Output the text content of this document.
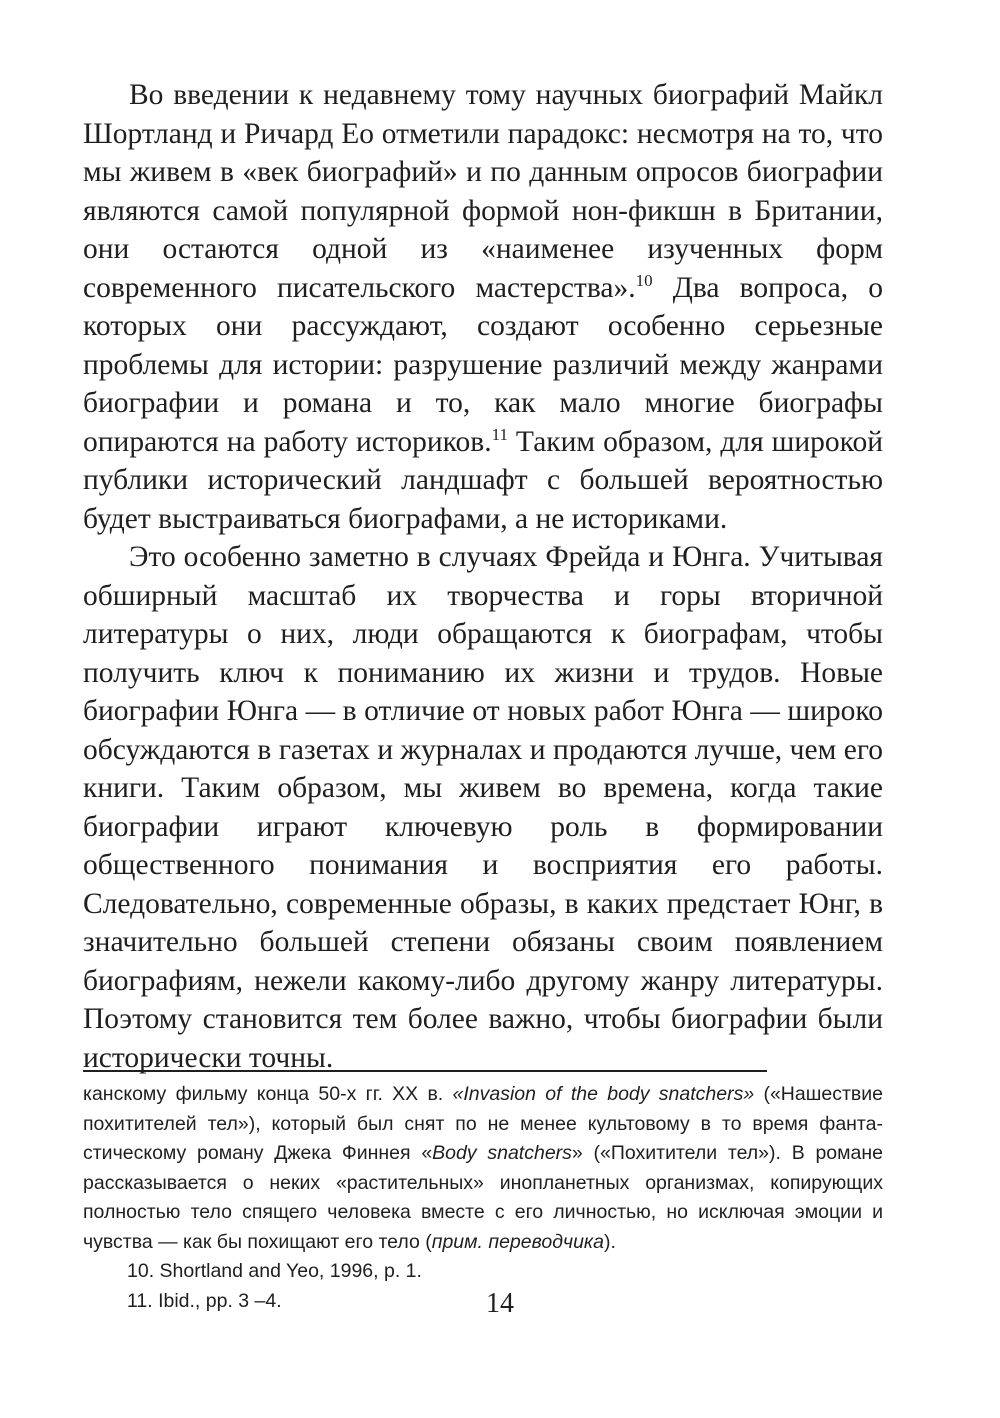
Во введении к недавнему тому научных биографий Майкл Шортланд и Ричард Ео отметили парадокс: несмотря на то, что мы живем в «век биографий» и по данным опросов биографии являются самой популярной формой нон-фикшн в Британии, они остаются одной из «наименее изученных форм современного писательского мастерства».$^{10}$ Два вопроса, о которых они рассуждают, создают особенно серьезные проблемы для истории: разрушение различий между жанрами биографии и романа и то, как мало многие биографы опираются на работу историков.$^{11}$ Таким образом, для широкой публики исторический ландшафт с большей вероятностью будет выстраиваться биографами, а не историками.

Это особенно заметно в случаях Фрейда и Юнга. Учитывая обширный масштаб их творчества и горы вторичной литературы о них, люди обращаются к биографам, чтобы получить ключ к пониманию их жизни и трудов. Новые биографии Юнга — в отличие от новых работ Юнга — широко обсуждаются в газетах и журналах и продаются лучше, чем его книги. Таким образом, мы живем во времена, когда такие биографии играют ключевую роль в формировании общественного понимания и восприятия его работы. Следовательно, современные образы, в каких предстает Юнг, в значительно большей степени обязаны своим появлением биографиям, нежели какому-либо другому жанру литературы. Поэтому становится тем более важно, чтобы биографии были исторически точны.

канскому фильму конца 50-х гг. XX в. «Invasion of the body snatchers» («Нашествие похитителей тел»), который был снят по не менее культовому в то время фантастическому роману Джека Финнея «Body snatchers» («Похитители тел»). В романе рассказывается о неких «растительных» инопланетных организмах, копирующих полностью тело спящего человека вместе с его личностью, но исключая эмоции и чувства — как бы похищают его тело (прим. переводчика).

10. Shortland and Yeo, 1996, p. 1.

11. Ibid., pp. 3 –4.	14
